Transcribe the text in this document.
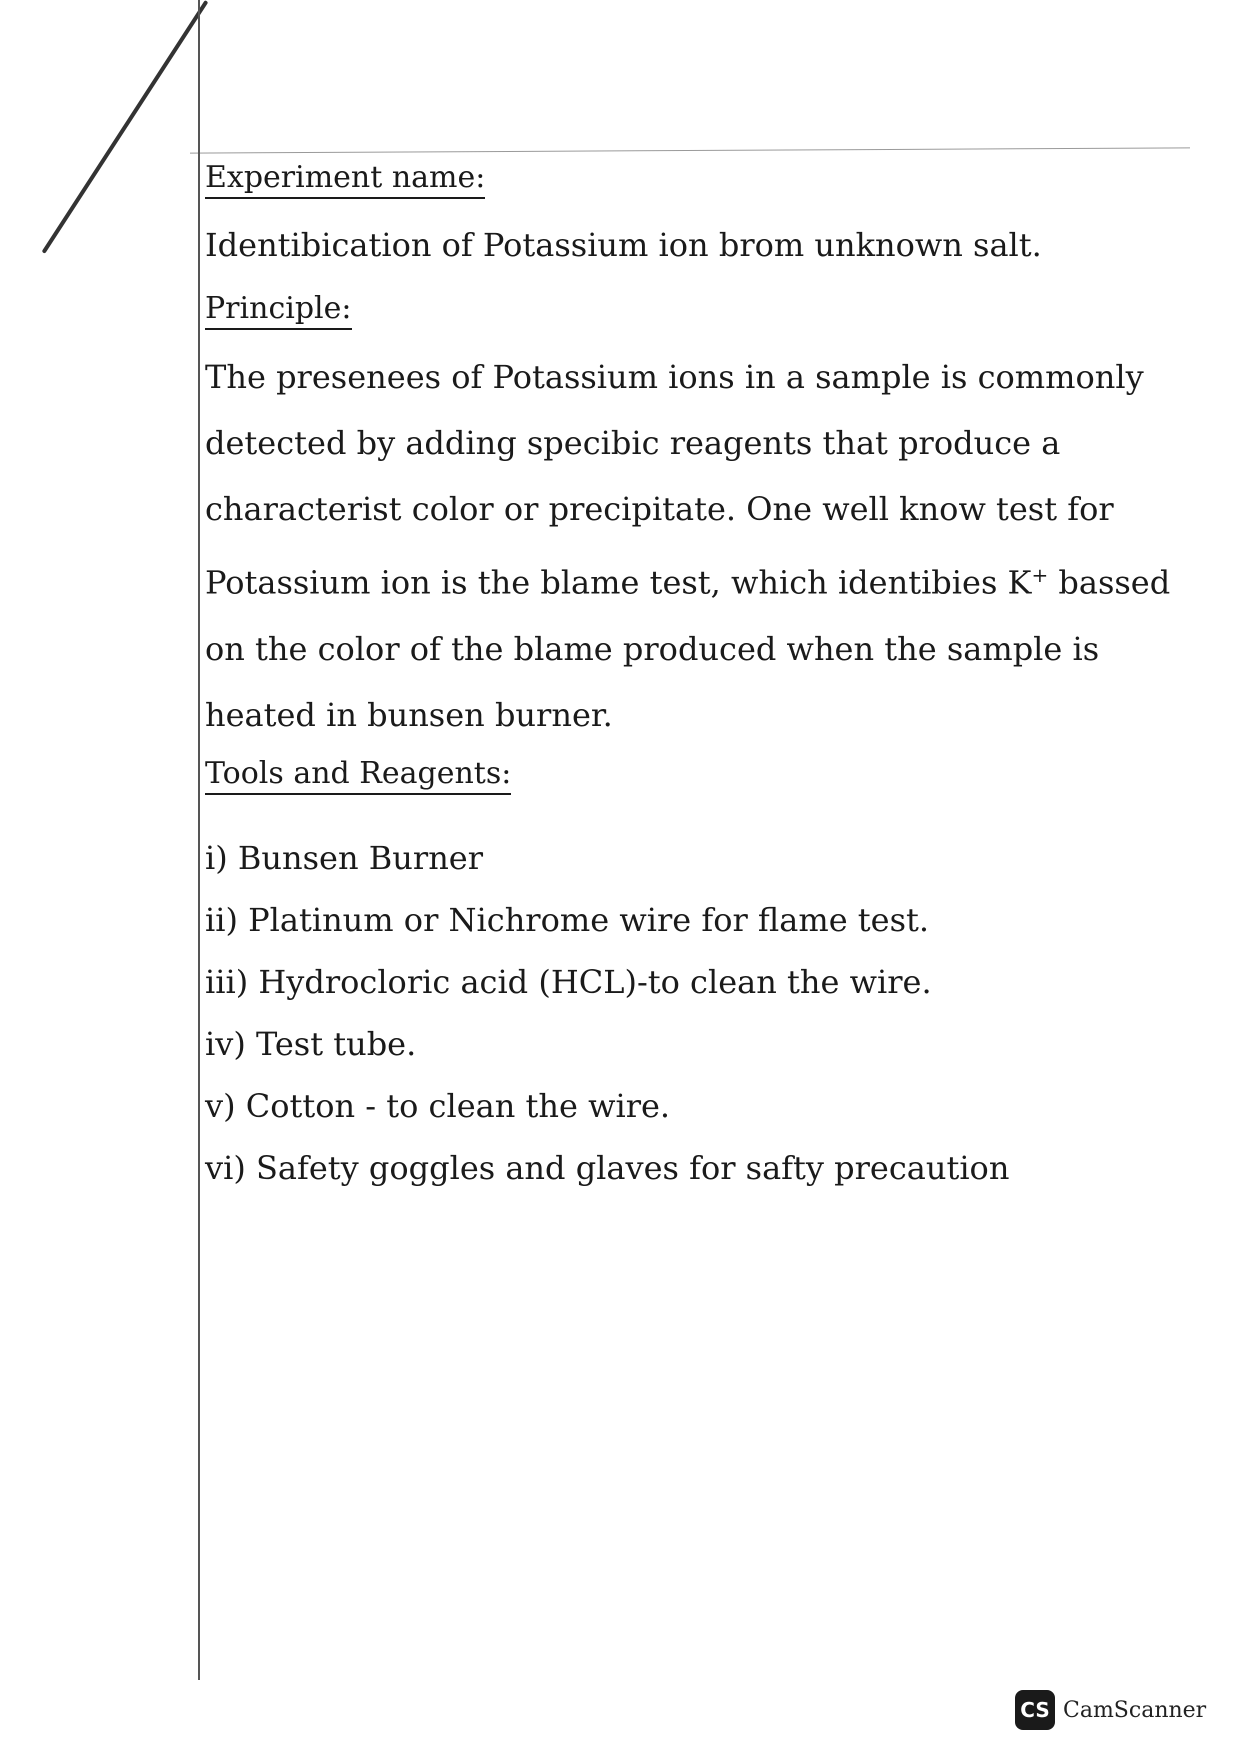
Experiment name:
Identibication of Potassium ion brom unknown salt.
Principle:
The presenees of Potassium ions in a sample is commonly
detected by adding specibic reagents that produce a
characterist color or precipitate. One well know test for
Potassium ion is the blame test, which identibies K+ bassed
on the color of the blame produced when the sample is
heated in bunsen burner.
Tools and Reagents:
i) Bunsen Burner
ii) Platinum or Nichrome wire for flame test.
iii) Hydrocloric acid (HCL)-to clean the wire.
iv) Test tube.
v) Cotton - to clean the wire.
vi) Safety goggles and glaves for safty precaution
CS CamScanner
